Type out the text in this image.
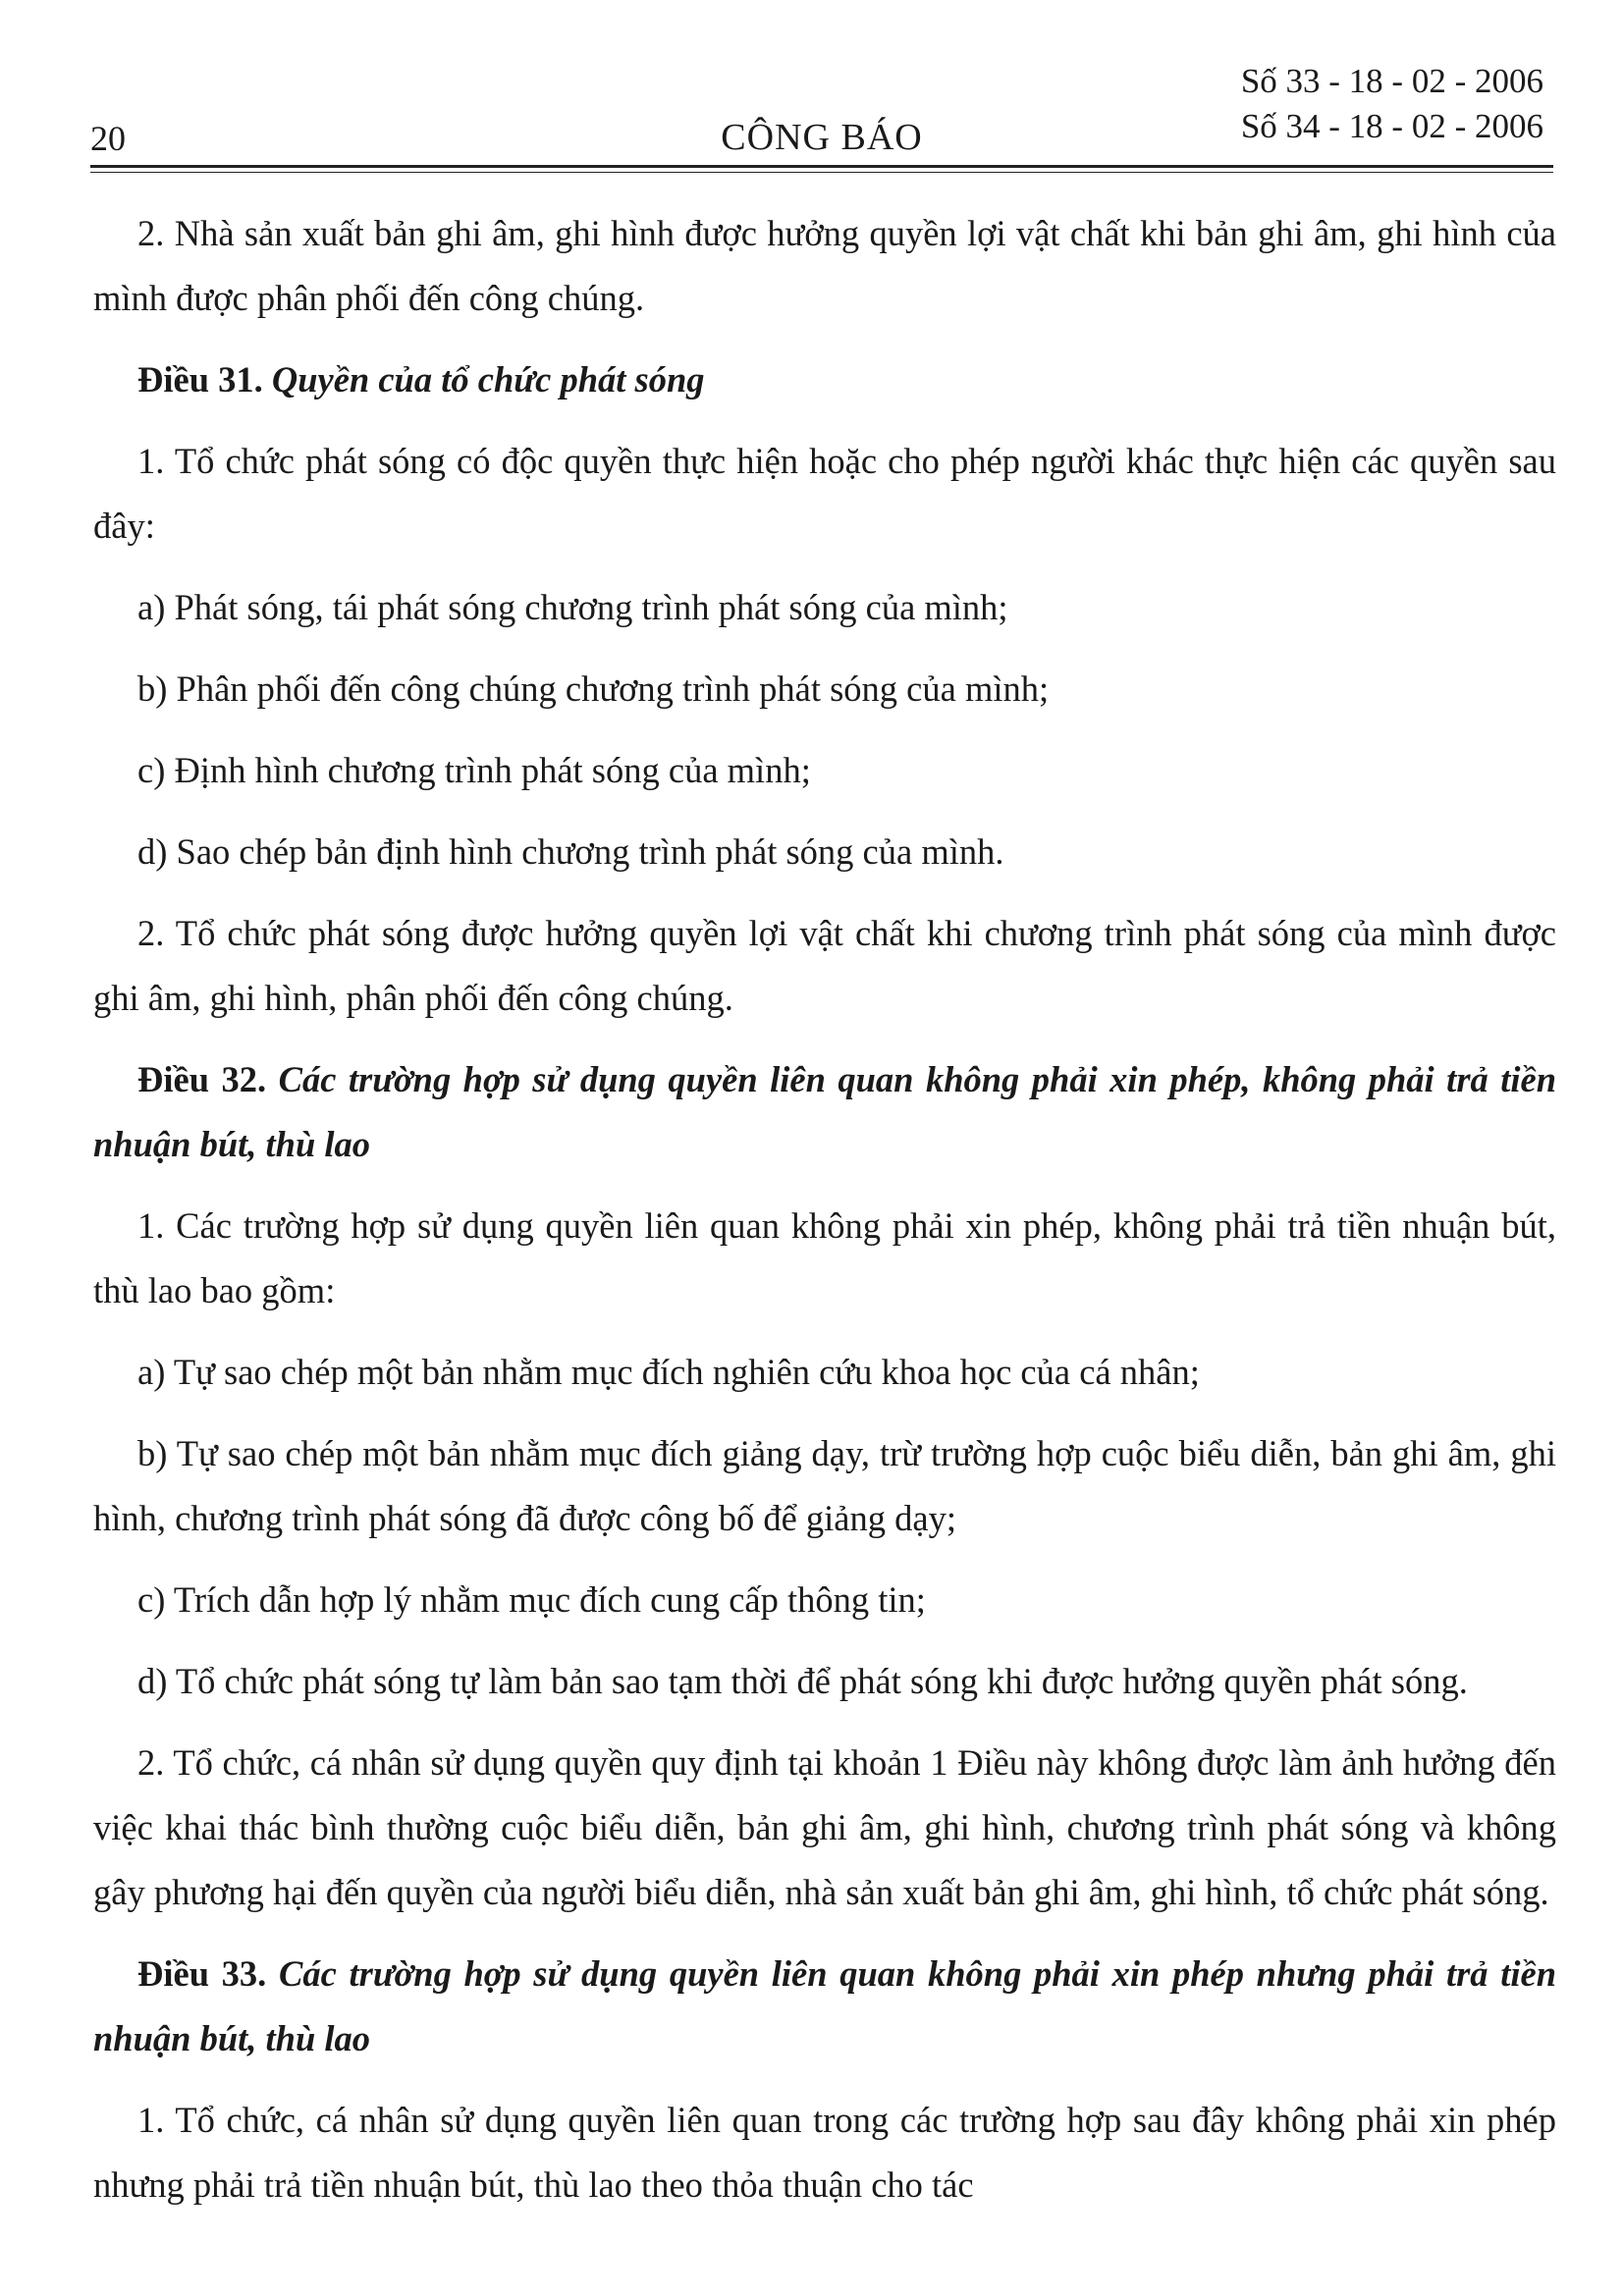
20	CÔNG BÁO
Số 33 - 18 - 02 - 2006
Số 34 - 18 - 02 - 2006

2. Nhà sản xuất bản ghi âm, ghi hình được hưởng quyền lợi vật chất khi bản ghi âm, ghi hình của mình được phân phối đến công chúng.

Điều 31. Quyền của tổ chức phát sóng

1. Tổ chức phát sóng có độc quyền thực hiện hoặc cho phép người khác thực hiện các quyền sau đây:

a) Phát sóng, tái phát sóng chương trình phát sóng của mình;

b) Phân phối đến công chúng chương trình phát sóng của mình;

c) Định hình chương trình phát sóng của mình;

d) Sao chép bản định hình chương trình phát sóng của mình.

2. Tổ chức phát sóng được hưởng quyền lợi vật chất khi chương trình phát sóng của mình được ghi âm, ghi hình, phân phối đến công chúng.

Điều 32. Các trường hợp sử dụng quyền liên quan không phải xin phép, không phải trả tiền nhuận bút, thù lao

1. Các trường hợp sử dụng quyền liên quan không phải xin phép, không phải trả tiền nhuận bút, thù lao bao gồm:

a) Tự sao chép một bản nhằm mục đích nghiên cứu khoa học của cá nhân;

b) Tự sao chép một bản nhằm mục đích giảng dạy, trừ trường hợp cuộc biểu diễn, bản ghi âm, ghi hình, chương trình phát sóng đã được công bố để giảng dạy;

c) Trích dẫn hợp lý nhằm mục đích cung cấp thông tin;

d) Tổ chức phát sóng tự làm bản sao tạm thời để phát sóng khi được hưởng quyền phát sóng.

2. Tổ chức, cá nhân sử dụng quyền quy định tại khoản 1 Điều này không được làm ảnh hưởng đến việc khai thác bình thường cuộc biểu diễn, bản ghi âm, ghi hình, chương trình phát sóng và không gây phương hại đến quyền của người biểu diễn, nhà sản xuất bản ghi âm, ghi hình, tổ chức phát sóng.

Điều 33. Các trường hợp sử dụng quyền liên quan không phải xin phép nhưng phải trả tiền nhuận bút, thù lao

1. Tổ chức, cá nhân sử dụng quyền liên quan trong các trường hợp sau đây không phải xin phép nhưng phải trả tiền nhuận bút, thù lao theo thỏa thuận cho tác
